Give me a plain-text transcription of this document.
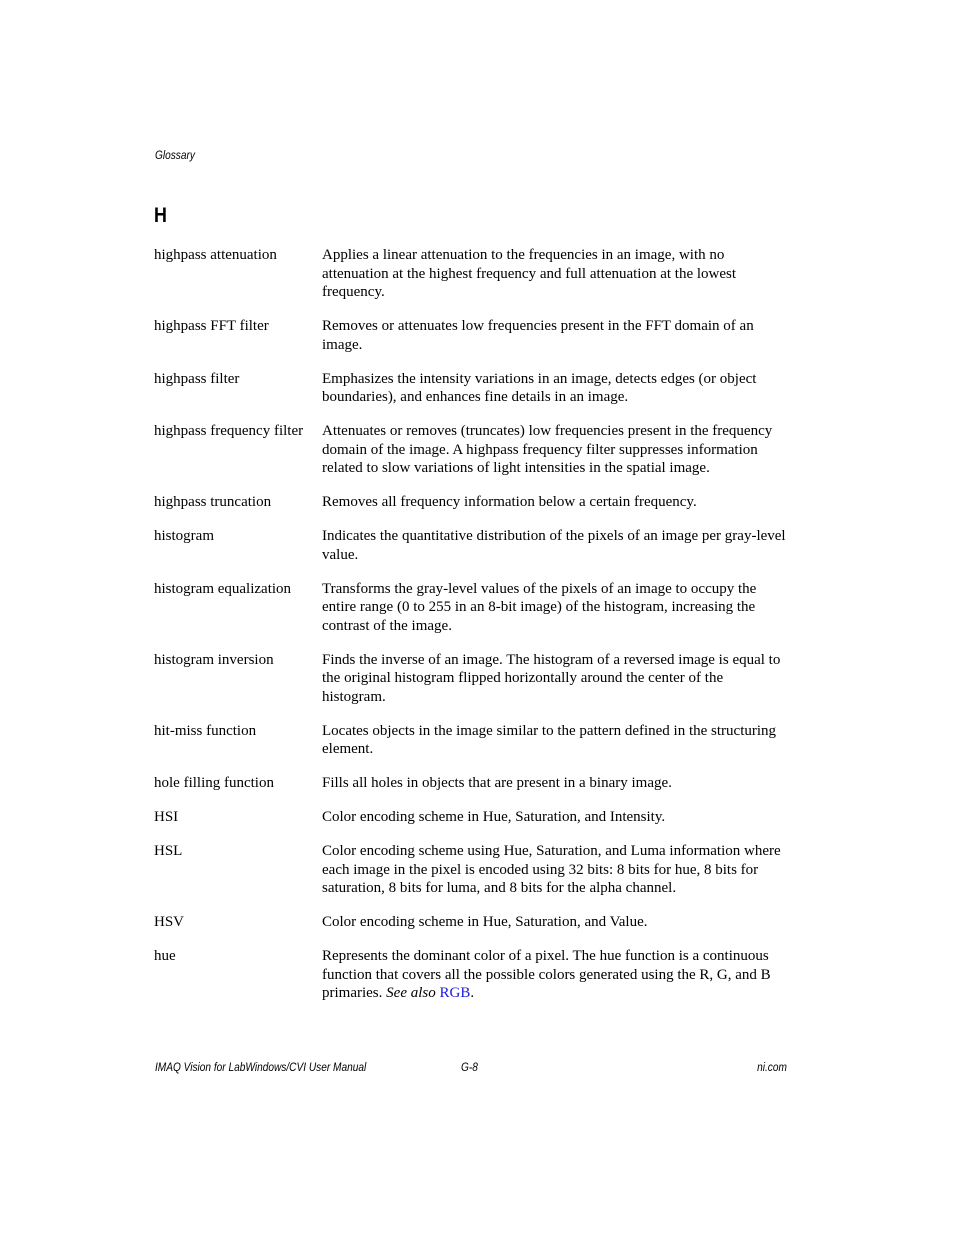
Glossary
H
highpass attenuation	Applies a linear attenuation to the frequencies in an image, with no attenuation at the highest frequency and full attenuation at the lowest frequency.
highpass FFT filter	Removes or attenuates low frequencies present in the FFT domain of an image.
highpass filter	Emphasizes the intensity variations in an image, detects edges (or object boundaries), and enhances fine details in an image.
highpass frequency filter	Attenuates or removes (truncates) low frequencies present in the frequency domain of the image. A highpass frequency filter suppresses information related to slow variations of light intensities in the spatial image.
highpass truncation	Removes all frequency information below a certain frequency.
histogram	Indicates the quantitative distribution of the pixels of an image per gray-level value.
histogram equalization	Transforms the gray-level values of the pixels of an image to occupy the entire range (0 to 255 in an 8-bit image) of the histogram, increasing the contrast of the image.
histogram inversion	Finds the inverse of an image. The histogram of a reversed image is equal to the original histogram flipped horizontally around the center of the histogram.
hit-miss function	Locates objects in the image similar to the pattern defined in the structuring element.
hole filling function	Fills all holes in objects that are present in a binary image.
HSI	Color encoding scheme in Hue, Saturation, and Intensity.
HSL	Color encoding scheme using Hue, Saturation, and Luma information where each image in the pixel is encoded using 32 bits: 8 bits for hue, 8 bits for saturation, 8 bits for luma, and 8 bits for the alpha channel.
HSV	Color encoding scheme in Hue, Saturation, and Value.
hue	Represents the dominant color of a pixel. The hue function is a continuous function that covers all the possible colors generated using the R, G, and B primaries. See also RGB.
IMAQ Vision for LabWindows/CVI User Manual	G-8	ni.com
